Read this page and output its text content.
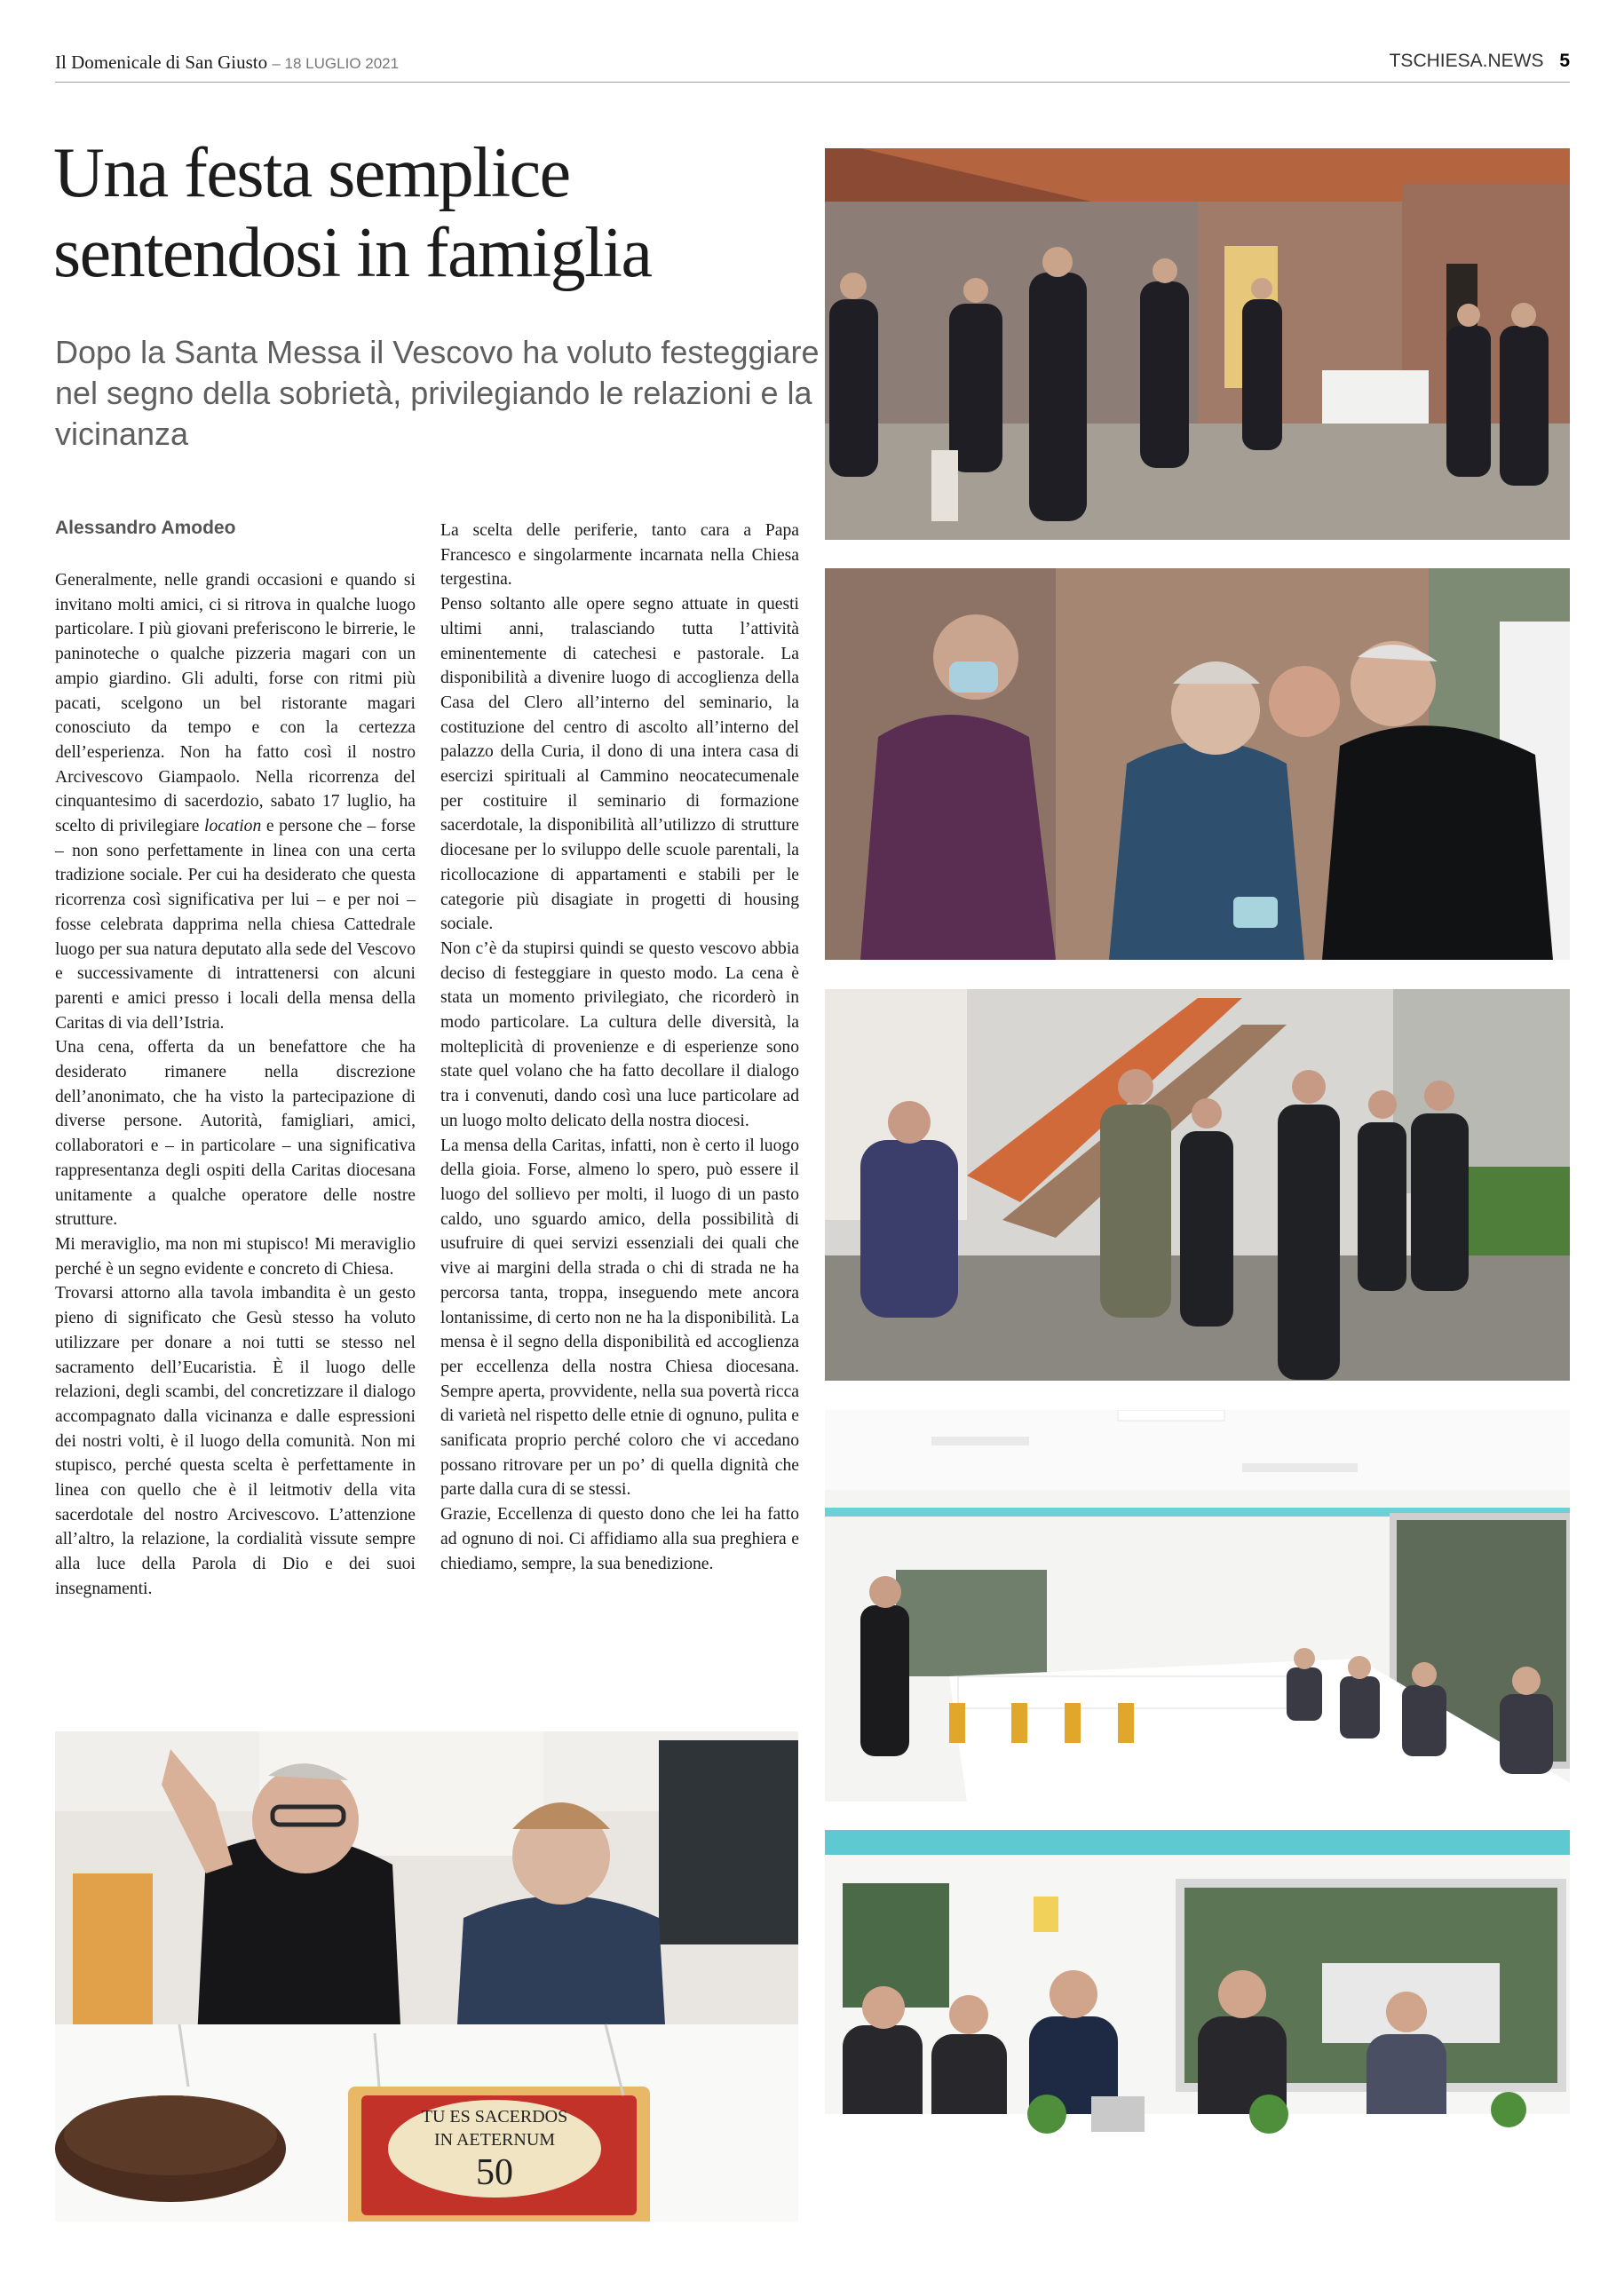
Il Domenicale di San Giusto – 18 LUGLIO 2021	TSCHIESA.NEWS 5
Una festa semplice sentendosi in famiglia
Dopo la Santa Messa il Vescovo ha voluto festeggiare nel segno della sobrietà, privilegiando le relazioni e la vicinanza
Alessandro Amodeo

Generalmente, nelle grandi occasioni e quando si invitano molti amici, ci si ritrova in qualche luogo particolare. I più giovani preferiscono le birrerie, le paninoteche o qualche pizzeria magari con un ampio giardino. Gli adulti, forse con ritmi più pacati, scelgono un bel ristorante magari conosciuto da tempo e con la certezza dell’esperienza. Non ha fatto così il nostro Arcivescovo Giampaolo. Nella ricorrenza del cinquantesimo di sacerdozio, sabato 17 luglio, ha scelto di privilegiare location e persone che – forse – non sono perfettamente in linea con una certa tradizione sociale. Per cui ha desiderato che questa ricorrenza così significativa per lui – e per noi – fosse celebrata dapprima nella chiesa Cattedrale luogo per sua natura deputato alla sede del Vescovo e successivamente di intrattenersi con alcuni parenti e amici presso i locali della mensa della Caritas di via dell’Istria.

Una cena, offerta da un benefattore che ha desiderato rimanere nella discrezione dell’anonimato, che ha visto la partecipazione di diverse persone. Autorità, famigliari, amici, collaboratori e – in particolare – una significativa rappresentanza degli ospiti della Caritas diocesana unitamente a qualche operatore delle nostre strutture.

Mi meraviglio, ma non mi stupisco! Mi meraviglio perché è un segno evidente e concreto di Chiesa.

Trovarsi attorno alla tavola imbandita è un gesto pieno di significato che Gesù stesso ha voluto utilizzare per donare a noi tutti se stesso nel sacramento dell’Eucaristia. È il luogo delle relazioni, degli scambi, del concretizzare il dialogo accompagnato dalla vicinanza e dalle espressioni dei nostri volti, è il luogo della comunità. Non mi stupisco, perché questa scelta è perfettamente in linea con quello che è il leitmotiv della vita sacerdotale del nostro Arcivescovo. L’attenzione all’altro, la relazione, la cordialità vissute sempre alla luce della Parola di Dio e dei suoi insegnamenti.

La scelta delle periferie, tanto cara a Papa Francesco e singolarmente incarnata nella Chiesa tergestina.

Penso soltanto alle opere segno attuate in questi ultimi anni, tralasciando tutta l’attività eminentemente di catechesi e pastorale. La disponibilità a divenire luogo di accoglienza della Casa del Clero all’interno del seminario, la costituzione del centro di ascolto all’interno del palazzo della Curia, il dono di una intera casa di esercizi spirituali al Cammino neocatecumenale per costituire il seminario di formazione sacerdotale, la disponibilità all’utilizzo di strutture diocesane per lo sviluppo delle scuole parentali, la ricollocazione di appartamenti e stabili per le categorie più disagiate in progetti di housing sociale.

Non c’è da stupirsi quindi se questo vescovo abbia deciso di festeggiare in questo modo. La cena è stata un momento privilegiato, che ricorderò in modo particolare. La cultura delle diversità, la molteplicità di provenienze e di esperienze sono state quel volano che ha fatto decollare il dialogo tra i convenuti, dando così una luce particolare ad un luogo molto delicato della nostra diocesi.

La mensa della Caritas, infatti, non è certo il luogo della gioia. Forse, almeno lo spero, può essere il luogo del sollievo per molti, il luogo di un pasto caldo, uno sguardo amico, della possibilità di usufruire di quei servizi essenziali dei quali che vive ai margini della strada o chi di strada ne ha percorsa tanta, troppa, inseguendo mete ancora lontanissime, di certo non ne ha la disponibilità. La mensa è il segno della disponibilità ed accoglienza per eccellenza della nostra Chiesa diocesana. Sempre aperta, provvidente, nella sua povertà ricca di varietà nel rispetto delle etnie di ognuno, pulita e sanificata proprio perché coloro che vi accedano possano ritrovare per un po’ di quella dignità che parte dalla cura di se stessi.

Grazie, Eccellenza di questo dono che lei ha fatto ad ognuno di noi. Ci affidiamo alla sua preghiera e chiediamo, sempre, la sua benedizione.

TU ES SACERDOS
IN AETERNUM
50
